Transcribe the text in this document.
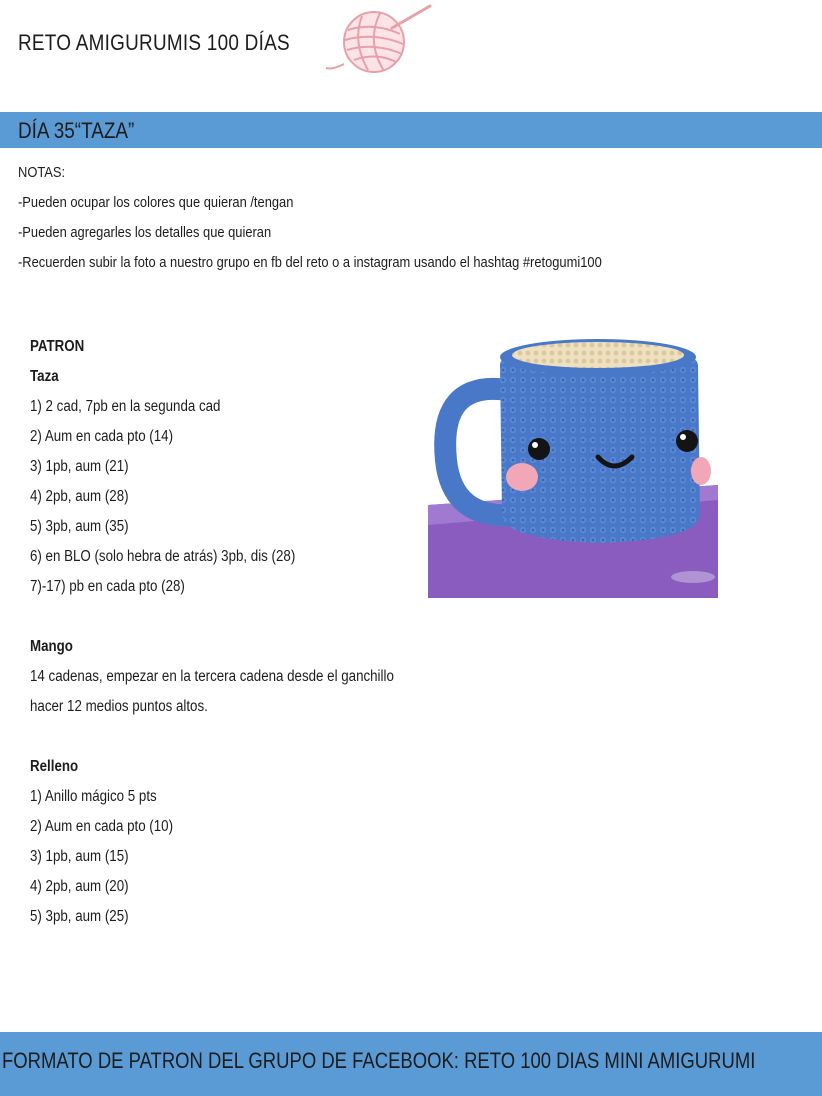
RETO AMIGURUMIS 100 DÍAS
DÍA 35“TAZA”
NOTAS:
-Pueden ocupar los colores que quieran /tengan
-Pueden agregarles los detalles que quieran
-Recuerden subir la foto a nuestro grupo en fb del reto o a instagram usando el hashtag #retogumi100
PATRON
Taza
1) 2 cad, 7pb en la segunda cad
2) Aum en cada pto (14)
3) 1pb, aum (21)
4) 2pb, aum (28)
5) 3pb, aum (35)
6) en BLO (solo hebra de atrás) 3pb, dis (28)
7)-17) pb en cada pto (28)
Mango
14 cadenas, empezar en la tercera cadena desde el ganchillo
hacer 12 medios puntos altos.
Relleno
1) Anillo mágico 5 pts
2) Aum en cada pto (10)
3) 1pb, aum (15)
4) 2pb, aum (20)
5) 3pb, aum (25)
FORMATO DE PATRON DEL GRUPO DE FACEBOOK: RETO 100 DIAS MINI AMIGURUMI
